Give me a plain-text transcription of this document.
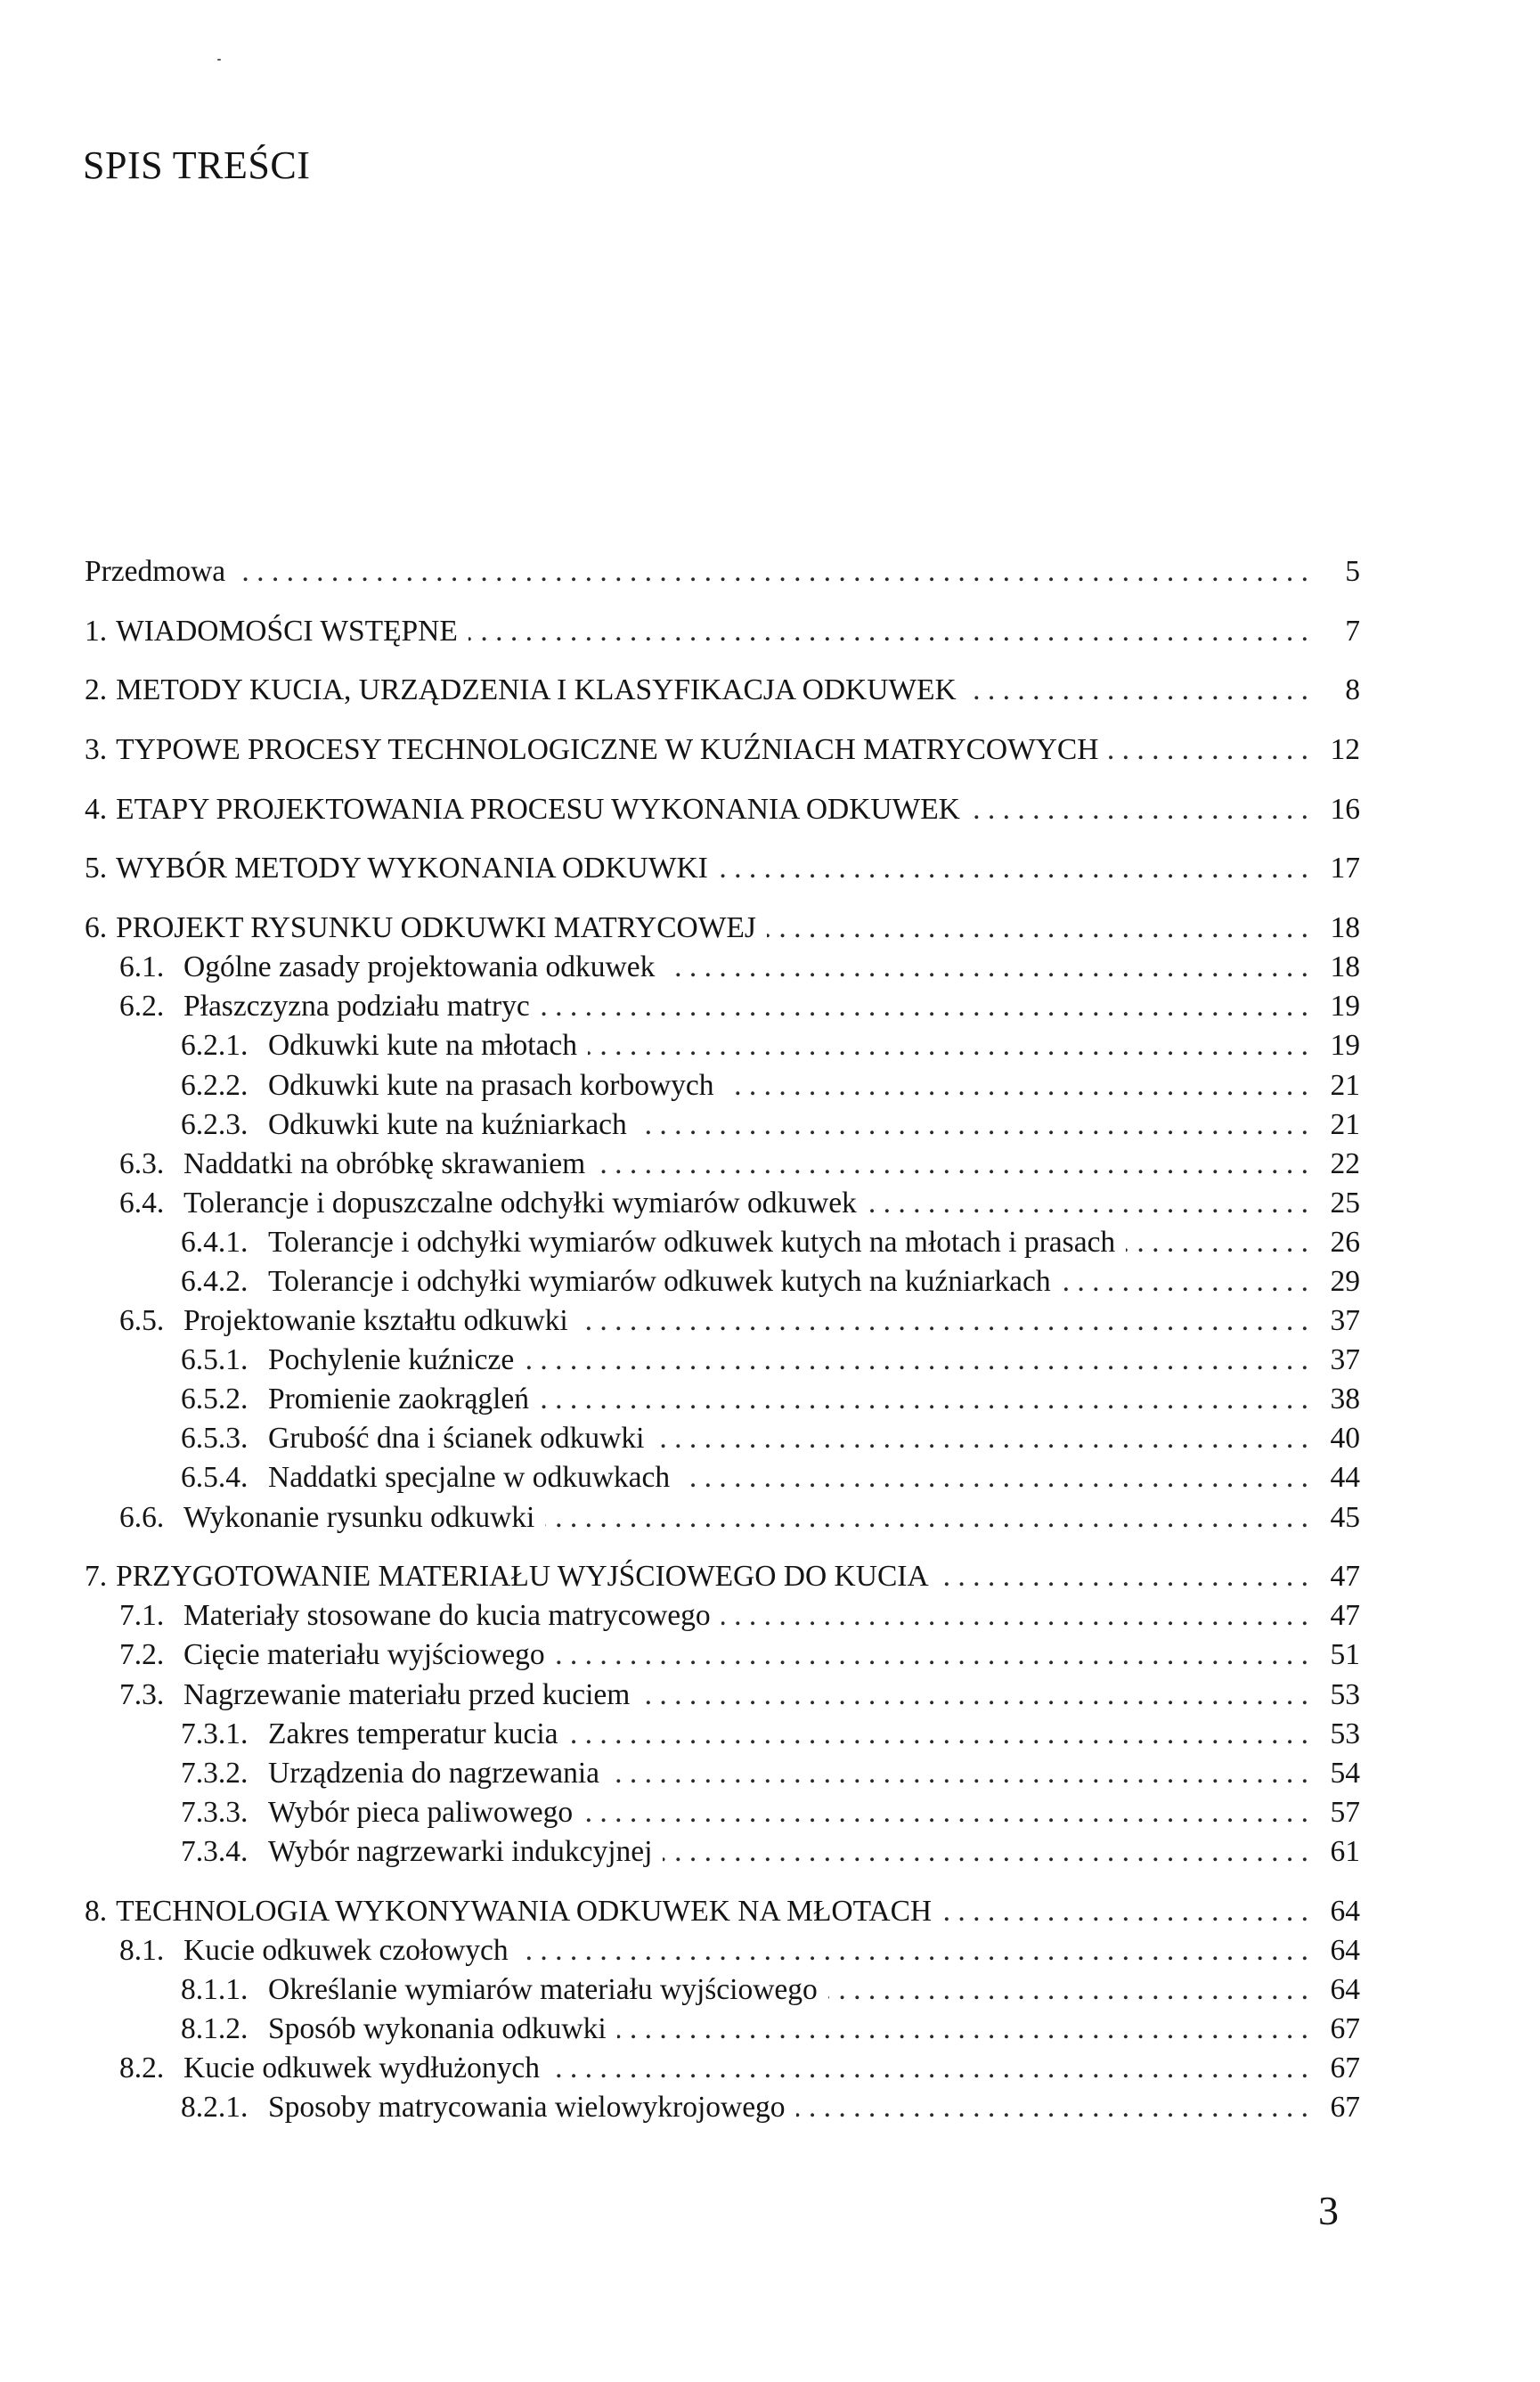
SPIS TREŚCI
Przedmowa . . .	5
1. WIADOMOŚCI WSTĘPNE . . .	7
2. METODY KUCIA, URZĄDZENIA I KLASYFIKACJA ODKUWEK . . .	8
3. TYPOWE PROCESY TECHNOLOGICZNE W KUŹNIACH MATRYCOWYCH . . .	12
4. ETAPY PROJEKTOWANIA PROCESU WYKONANIA ODKUWEK . . .	16
5. WYBÓR METODY WYKONANIA ODKUWKI . . .	17
6. PROJEKT RYSUNKU ODKUWKI MATRYCOWEJ . . .	18
6.1. Ogólne zasady projektowania odkuwek . . .	18
6.2. Płaszczyzna podziału matryc . . .	19
6.2.1. Odkuwki kute na młotach . . .	19
6.2.2. Odkuwki kute na prasach korbowych . . .	21
6.2.3. Odkuwki kute na kuźniarkach . . .	21
6.3. Naddatki na obróbkę skrawaniem . . .	22
6.4. Tolerancje i dopuszczalne odchyłki wymiarów odkuwek . . .	25
6.4.1. Tolerancje i odchyłki wymiarów odkuwek kutych na młotach i prasach . . .	26
6.4.2. Tolerancje i odchyłki wymiarów odkuwek kutych na kuźniarkach . . .	29
6.5. Projektowanie kształtu odkuwki . . .	37
6.5.1. Pochylenie kuźnicze . . .	37
6.5.2. Promienie zaokrągleń . . .	38
6.5.3. Grubość dna i ścianek odkuwki . . .	40
6.5.4. Naddatki specjalne w odkuwkach . . .	44
6.6. Wykonanie rysunku odkuwki . . .	45
7. PRZYGOTOWANIE MATERIAŁU WYJŚCIOWEGO DO KUCIA . . .	47
7.1. Materiały stosowane do kucia matrycowego . . .	47
7.2. Cięcie materiału wyjściowego . . .	51
7.3. Nagrzewanie materiału przed kuciem . . .	53
7.3.1. Zakres temperatur kucia . . .	53
7.3.2. Urządzenia do nagrzewania . . .	54
7.3.3. Wybór pieca paliwowego . . .	57
7.3.4. Wybór nagrzewarki indukcyjnej . . .	61
8. TECHNOLOGIA WYKONYWANIA ODKUWEK NA MŁOTACH . . .	64
8.1. Kucie odkuwek czołowych . . .	64
8.1.1. Określanie wymiarów materiału wyjściowego . . .	64
8.1.2. Sposób wykonania odkuwki . . .	67
8.2. Kucie odkuwek wydłużonych . . .	67
8.2.1. Sposoby matrycowania wielowykrojowego . . .	67
3
